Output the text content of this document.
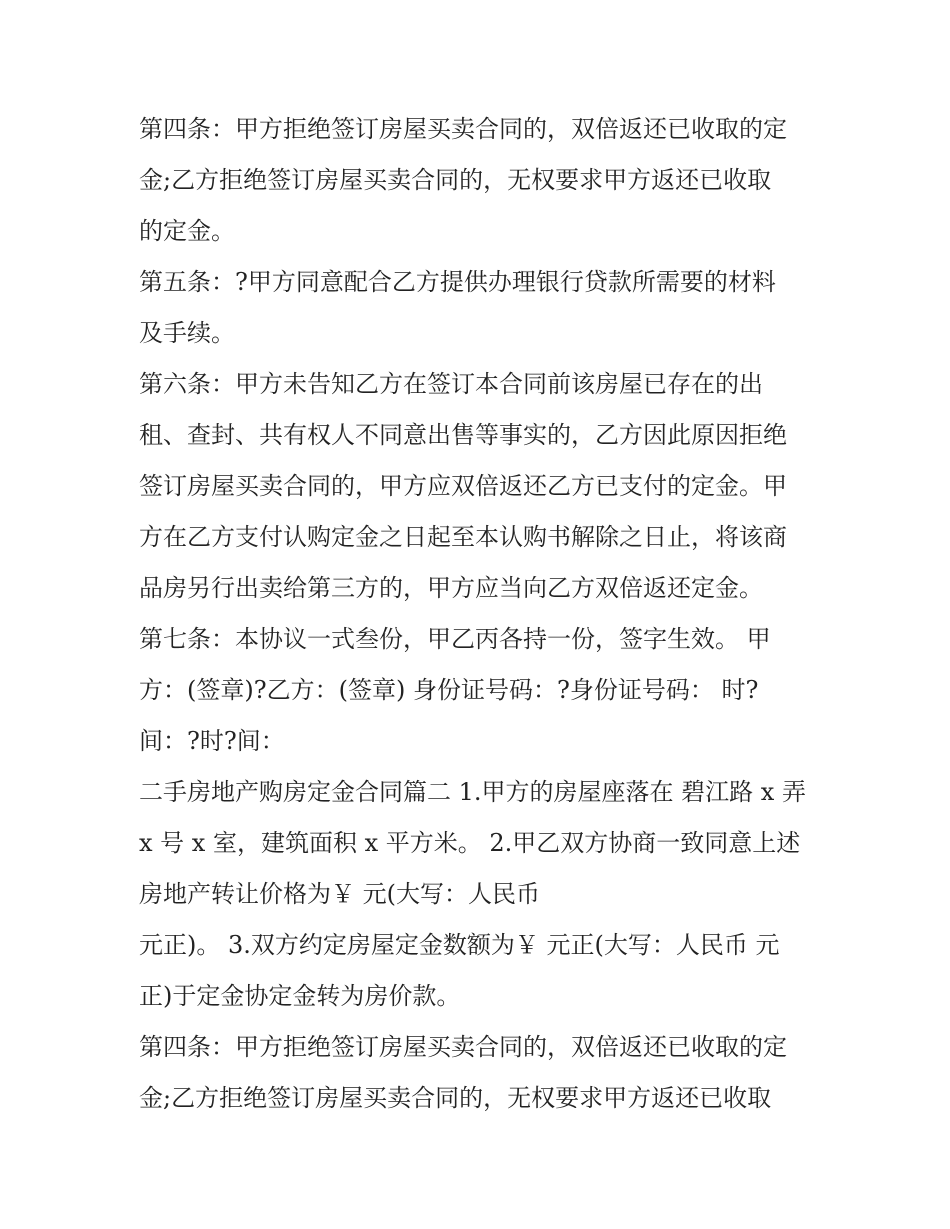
第四条：甲方拒绝签订房屋买卖合同的，双倍返还已收取的定
金;乙方拒绝签订房屋买卖合同的，无权要求甲方返还已收取
的定金。
第五条：?甲方同意配合乙方提供办理银行贷款所需要的材料
及手续。
第六条：甲方未告知乙方在签订本合同前该房屋已存在的出
租、查封、共有权人不同意出售等事实的，乙方因此原因拒绝
签订房屋买卖合同的，甲方应双倍返还乙方已支付的定金。甲
方在乙方支付认购定金之日起至本认购书解除之日止，将该商
品房另行出卖给第三方的，甲方应当向乙方双倍返还定金。
第七条：本协议一式叁份，甲乙丙各持一份，签字生效。 甲
方：(签章)?乙方：(签章) 身份证号码：?身份证号码： 时?
间：?时?间：
二手房地产购房定金合同篇二 1.甲方的房屋座落在 碧江路 x 弄
x 号 x 室，建筑面积 x 平方米。 2.甲乙双方协商一致同意上述
房地产转让价格为￥ 元(大写：人民币
元正)。 3.双方约定房屋定金数额为￥ 元正(大写：人民币 元
正)于定金协定金转为房价款。
第四条：甲方拒绝签订房屋买卖合同的，双倍返还已收取的定
金;乙方拒绝签订房屋买卖合同的，无权要求甲方返还已收取
